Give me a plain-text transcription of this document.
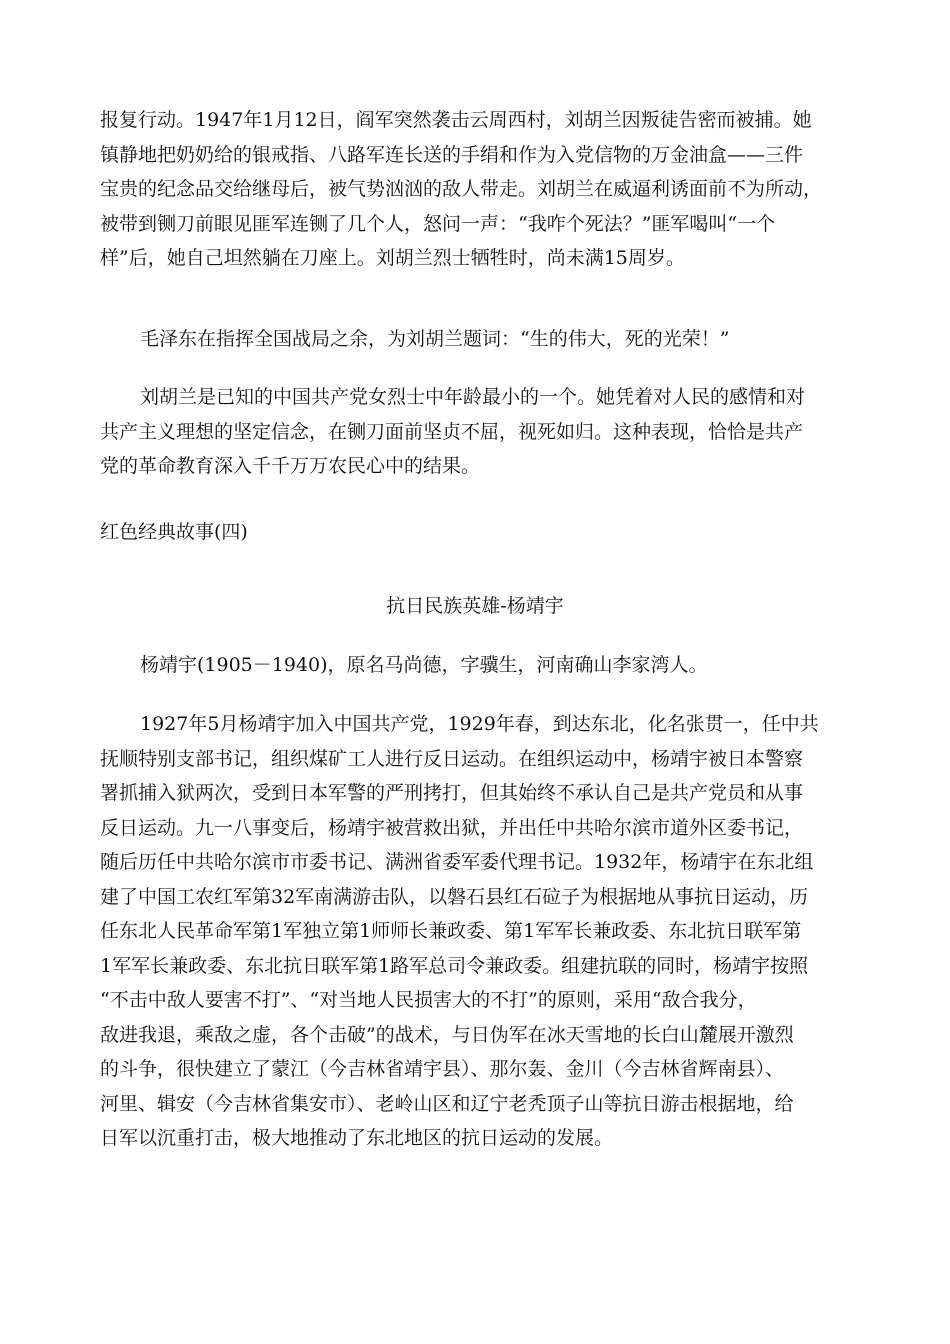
报复行动。1947年1月12日，阎军突然袭击云周西村，刘胡兰因叛徒告密而被捕。她
镇静地把奶奶给的银戒指、八路军连长送的手绢和作为入党信物的万金油盒——三件
宝贵的纪念品交给继母后，被气势汹汹的敌人带走。刘胡兰在威逼利诱面前不为所动，
被带到铡刀前眼见匪军连铡了几个人，怒问一声：“我咋个死法？”匪军喝叫“一个
样”后，她自己坦然躺在刀座上。刘胡兰烈士牺牲时，尚未满15周岁。
毛泽东在指挥全国战局之余，为刘胡兰题词：“生的伟大，死的光荣！”
刘胡兰是已知的中国共产党女烈士中年龄最小的一个。她凭着对人民的感情和对
共产主义理想的坚定信念，在铡刀面前坚贞不屈，视死如归。这种表现，恰恰是共产
党的革命教育深入千千万万农民心中的结果。

红色经典故事(四)

抗日民族英雄-杨靖宇

杨靖宇(1905－1940)，原名马尚德，字骥生，河南确山李家湾人。
1927年5月杨靖宇加入中国共产党，1929年春，到达东北，化名张贯一，任中共
抚顺特别支部书记，组织煤矿工人进行反日运动。在组织运动中，杨靖宇被日本警察
署抓捕入狱两次，受到日本军警的严刑拷打，但其始终不承认自己是共产党员和从事
反日运动。九一八事变后，杨靖宇被营救出狱，并出任中共哈尔滨市道外区委书记，
随后历任中共哈尔滨市市委书记、满洲省委军委代理书记。1932年，杨靖宇在东北组
建了中国工农红军第32军南满游击队，以磐石县红石砬子为根据地从事抗日运动，历
任东北人民革命军第1军独立第1师师长兼政委、第1军军长兼政委、东北抗日联军第
1军军长兼政委、东北抗日联军第1路军总司令兼政委。组建抗联的同时，杨靖宇按照
“不击中敌人要害不打”、“对当地人民损害大的不打”的原则，采用“敌合我分，
敌进我退，乘敌之虚，各个击破”的战术，与日伪军在冰天雪地的长白山麓展开激烈
的斗争，很快建立了蒙江（今吉林省靖宇县）、那尔轰、金川（今吉林省辉南县）、
河里、辑安（今吉林省集安市）、老岭山区和辽宁老秃顶子山等抗日游击根据地，给
日军以沉重打击，极大地推动了东北地区的抗日运动的发展。
